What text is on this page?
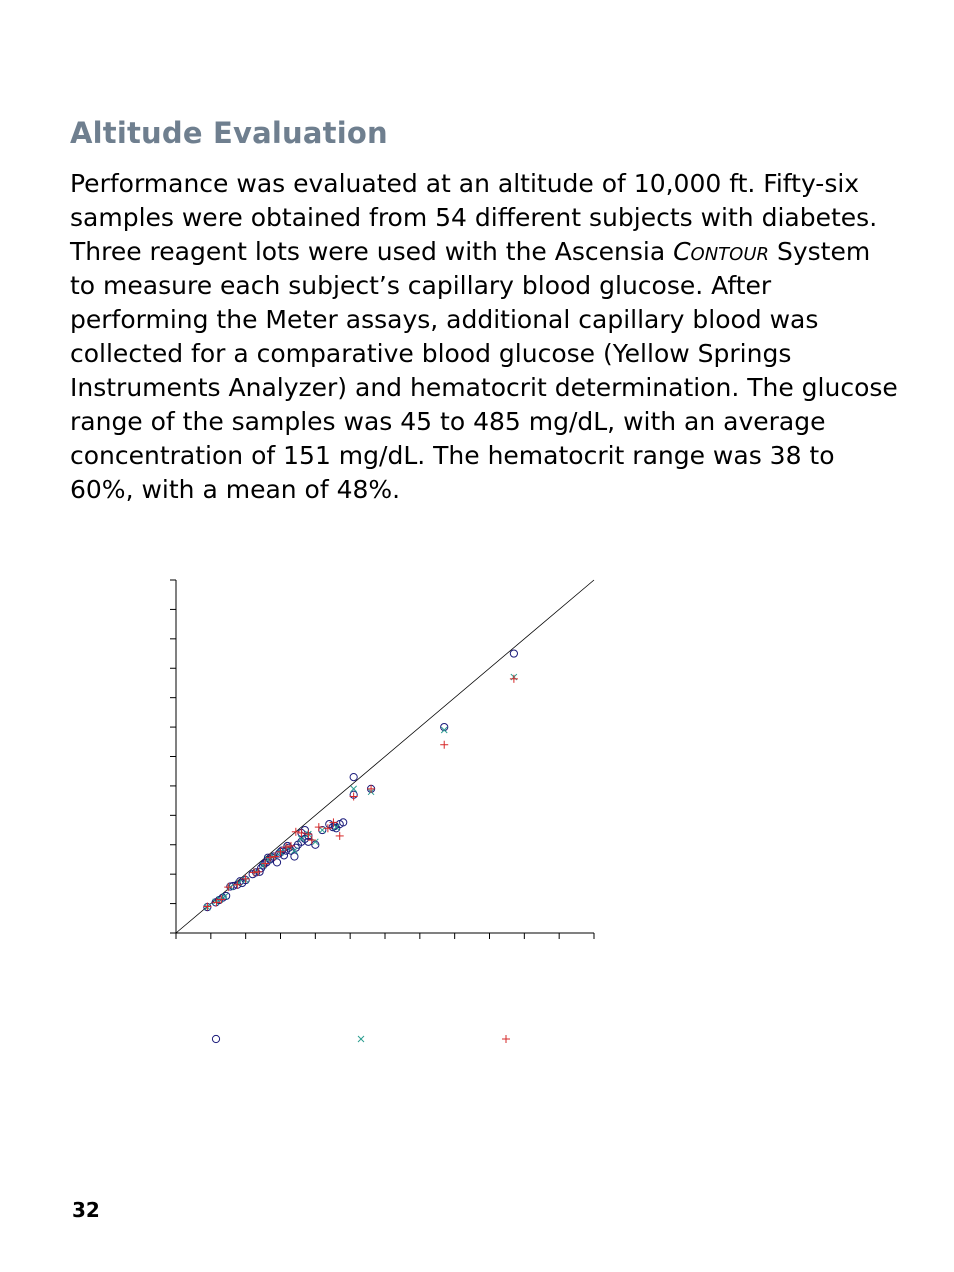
Altitude Evaluation

Performance was evaluated at an altitude of 10,000 ft. Fifty-six samples were obtained from 54 different subjects with diabetes. Three reagent lots were used with the Ascensia Contour System to measure each subject’s capillary blood glucose. After performing the Meter assays, additional capillary blood was collected for a comparative blood glucose (Yellow Springs Instruments Analyzer) and hematocrit determination. The glucose range of the samples was 45 to 485 mg/dL, with an average concentration of 151 mg/dL. The hematocrit range was 38 to 60%, with a mean of 48%.

32
